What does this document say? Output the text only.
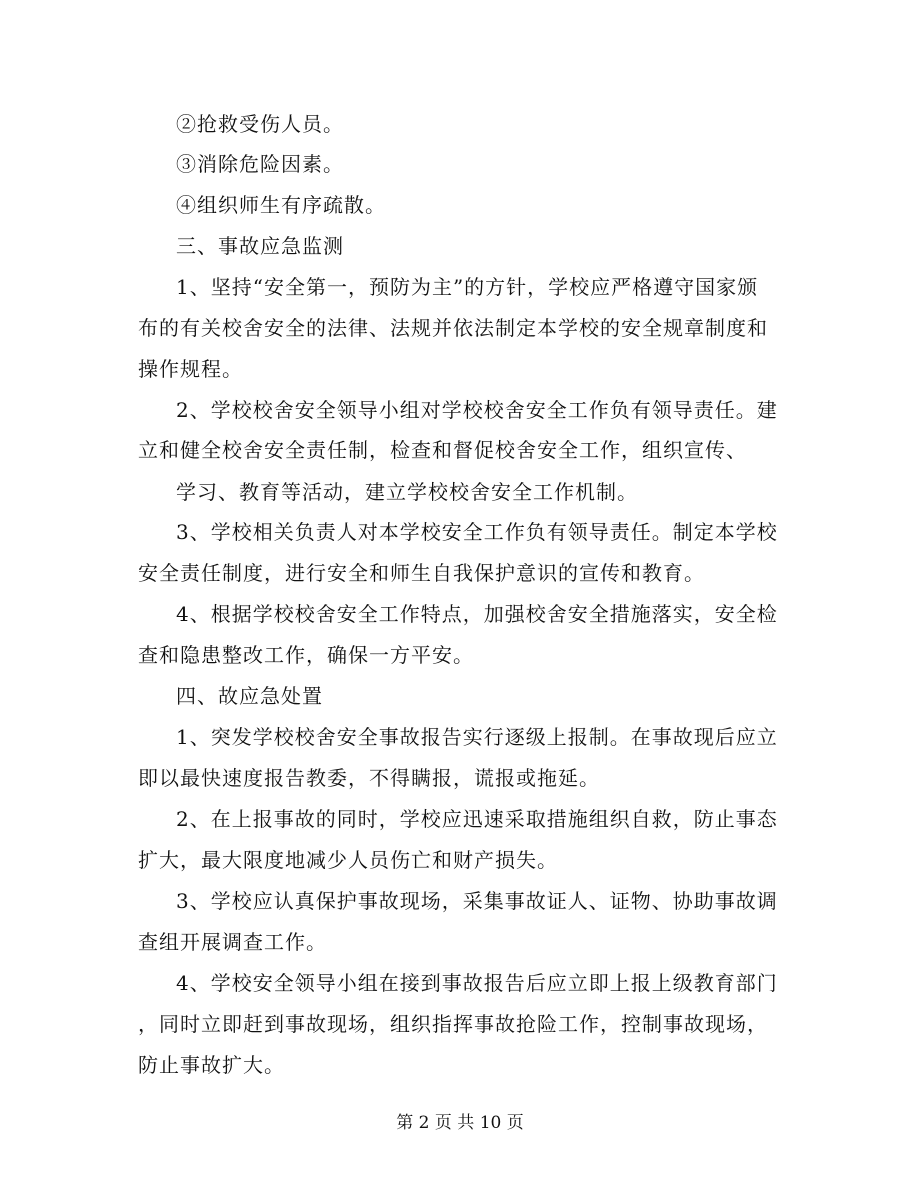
②抢救受伤人员。
③消除危险因素。
④组织师生有序疏散。
三、事故应急监测
1、坚持“安全第一，预防为主”的方针，学校应严格遵守国家颁
布的有关校舍安全的法律、法规并依法制定本学校的安全规章制度和
操作规程。
2、学校校舍安全领导小组对学校校舍安全工作负有领导责任。建
立和健全校舍安全责任制，检查和督促校舍安全工作，组织宣传、
学习、教育等活动，建立学校校舍安全工作机制。
3、学校相关负责人对本学校安全工作负有领导责任。制定本学校
安全责任制度，进行安全和师生自我保护意识的宣传和教育。
4、根据学校校舍安全工作特点，加强校舍安全措施落实，安全检
查和隐患整改工作，确保一方平安。
四、故应急处置
1、突发学校校舍安全事故报告实行逐级上报制。在事故现后应立
即以最快速度报告教委，不得瞒报，谎报或拖延。
2、在上报事故的同时，学校应迅速采取措施组织自救，防止事态
扩大，最大限度地减少人员伤亡和财产损失。
3、学校应认真保护事故现场，采集事故证人、证物、协助事故调
查组开展调查工作。
4、学校安全领导小组在接到事故报告后应立即上报上级教育部门
，同时立即赶到事故现场，组织指挥事故抢险工作，控制事故现场，
防止事故扩大。
第 2 页 共 10 页
